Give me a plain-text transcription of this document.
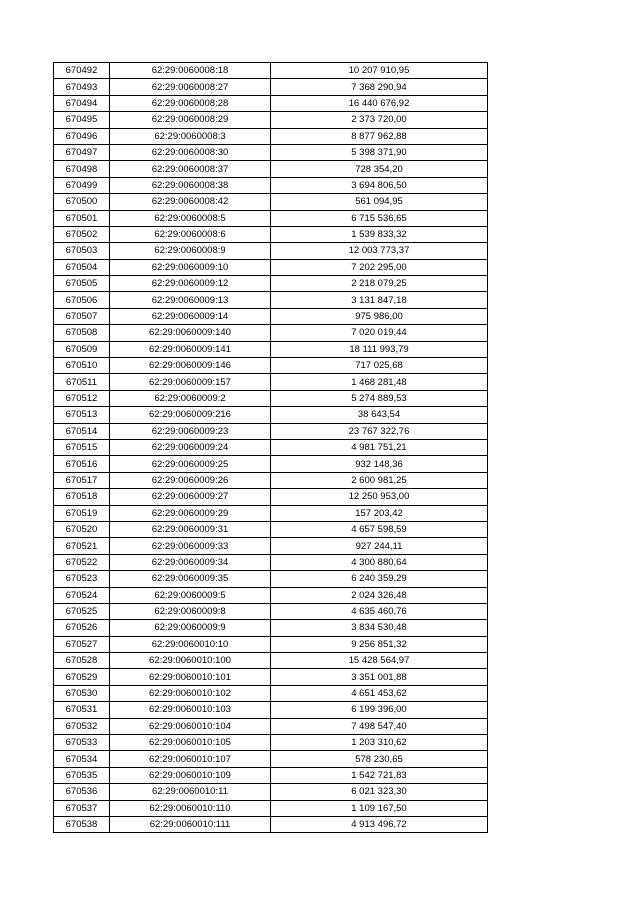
670492	62:29:0060008:18	10 207 910,95
670493	62:29:0060008:27	7 368 290,94
670494	62:29:0060008:28	16 440 676,92
670495	62:29:0060008:29	2 373 720,00
670496	62:29:0060008:3	8 877 962,88
670497	62:29:0060008:30	5 398 371,90
670498	62:29:0060008:37	728 354,20
670499	62:29:0060008:38	3 694 806,50
670500	62:29:0060008:42	561 094,95
670501	62:29:0060008:5	6 715 536,65
670502	62:29:0060008:6	1 539 833,32
670503	62:29:0060008:9	12 003 773,37
670504	62:29:0060009:10	7 202 295,00
670505	62:29:0060009:12	2 218 079,25
670506	62:29:0060009:13	3 131 847,18
670507	62:29:0060009:14	975 986,00
670508	62:29:0060009:140	7 020 019,44
670509	62:29:0060009:141	18 111 993,79
670510	62:29:0060009:146	717 025,68
670511	62:29:0060009:157	1 468 281,48
670512	62:29:0060009:2	5 274 889,53
670513	62:29:0060009:216	38 643,54
670514	62:29:0060009:23	23 767 322,76
670515	62:29:0060009:24	4 981 751,21
670516	62:29:0060009:25	932 148,36
670517	62:29:0060009:26	2 600 981,25
670518	62:29:0060009:27	12 250 953,00
670519	62:29:0060009:29	157 203,42
670520	62:29:0060009:31	4 657 598,59
670521	62:29:0060009:33	927 244,11
670522	62:29:0060009:34	4 300 880,64
670523	62:29:0060009:35	6 240 359,29
670524	62:29:0060009:5	2 024 326,48
670525	62:29:0060009:8	4 635 460,76
670526	62:29:0060009:9	3 834 530,48
670527	62:29:0060010:10	9 256 851,32
670528	62:29:0060010:100	15 428 564,97
670529	62:29:0060010:101	3 351 001,88
670530	62:29:0060010:102	4 651 453,62
670531	62:29:0060010:103	6 199 396,00
670532	62:29:0060010:104	7 498 547,40
670533	62:29:0060010:105	1 203 310,62
670534	62:29:0060010:107	578 230,65
670535	62:29:0060010:109	1 542 721,83
670536	62:29:0060010:11	6 021 323,30
670537	62:29:0060010:110	1 109 167,50
670538	62:29:0060010:111	4 913 496,72
